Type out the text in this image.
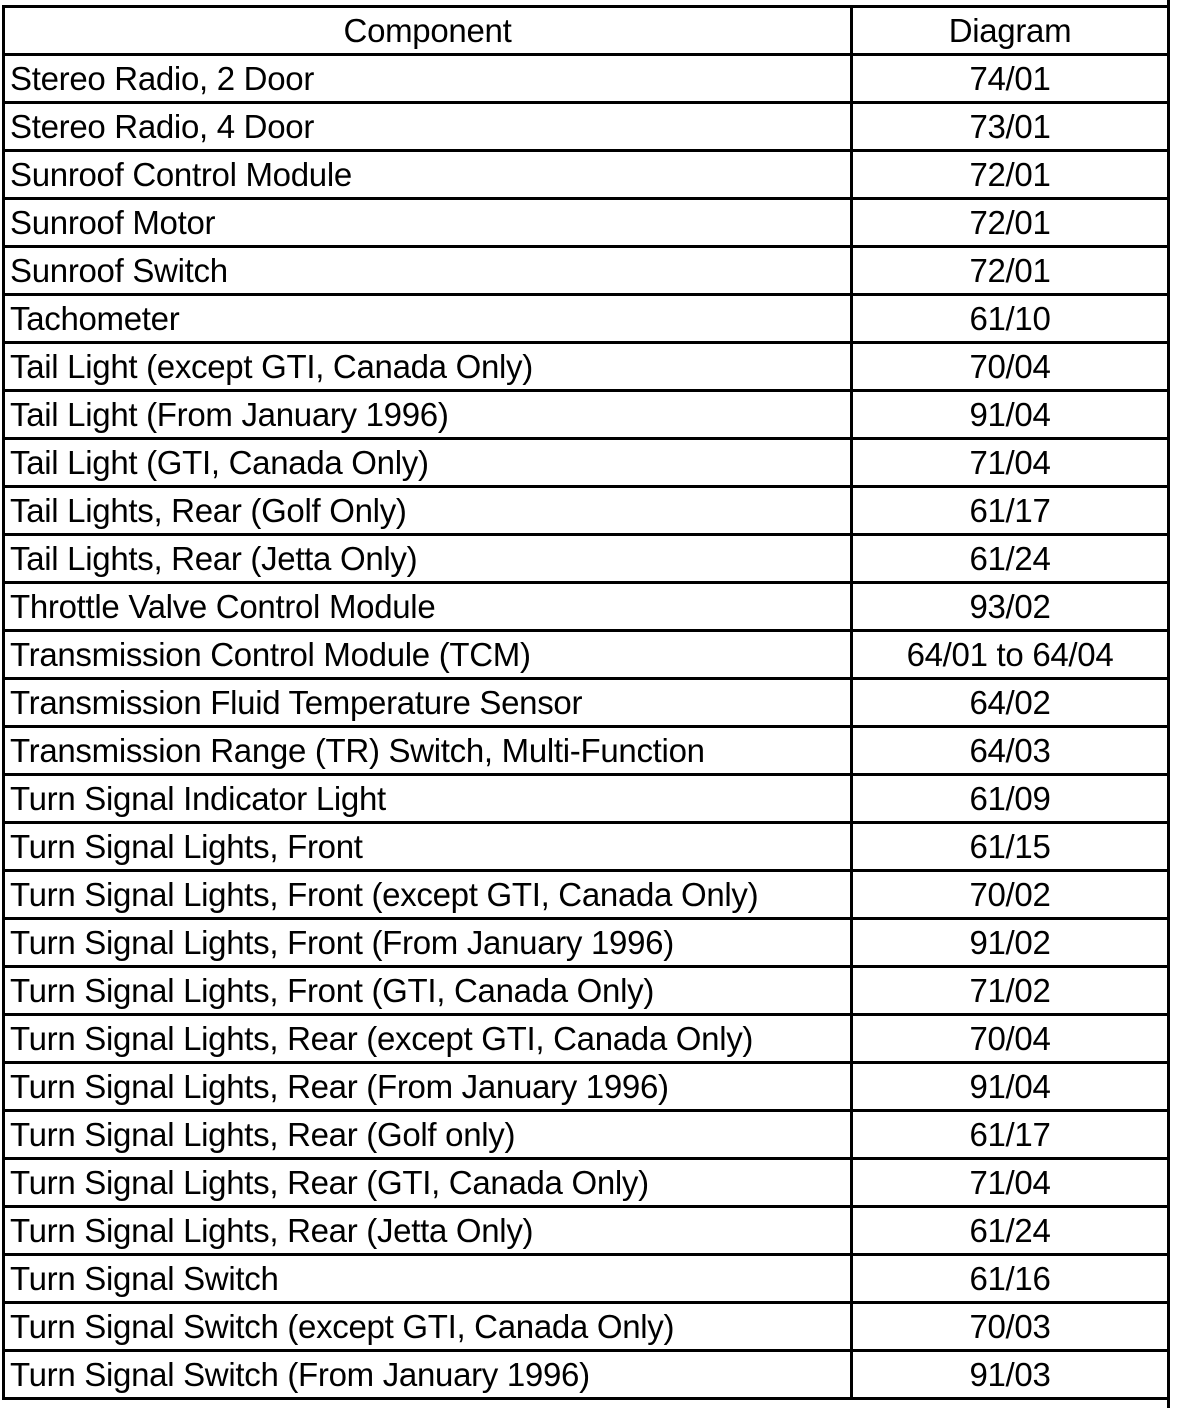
Component	Diagram
Stereo Radio, 2 Door	74/01
Stereo Radio, 4 Door	73/01
Sunroof Control Module	72/01
Sunroof Motor	72/01
Sunroof Switch	72/01
Tachometer	61/10
Tail Light (except GTI, Canada Only)	70/04
Tail Light (From January 1996)	91/04
Tail Light (GTI, Canada Only)	71/04
Tail Lights, Rear (Golf Only)	61/17
Tail Lights, Rear (Jetta Only)	61/24
Throttle Valve Control Module	93/02
Transmission Control Module (TCM)	64/01 to 64/04
Transmission Fluid Temperature Sensor	64/02
Transmission Range (TR) Switch, Multi-Function	64/03
Turn Signal Indicator Light	61/09
Turn Signal Lights, Front	61/15
Turn Signal Lights, Front (except GTI, Canada Only)	70/02
Turn Signal Lights, Front (From January 1996)	91/02
Turn Signal Lights, Front (GTI, Canada Only)	71/02
Turn Signal Lights, Rear (except GTI, Canada Only)	70/04
Turn Signal Lights, Rear (From January 1996)	91/04
Turn Signal Lights, Rear (Golf only)	61/17
Turn Signal Lights, Rear (GTI, Canada Only)	71/04
Turn Signal Lights, Rear (Jetta Only)	61/24
Turn Signal Switch	61/16
Turn Signal Switch (except GTI, Canada Only)	70/03
Turn Signal Switch (From January 1996)	91/03
